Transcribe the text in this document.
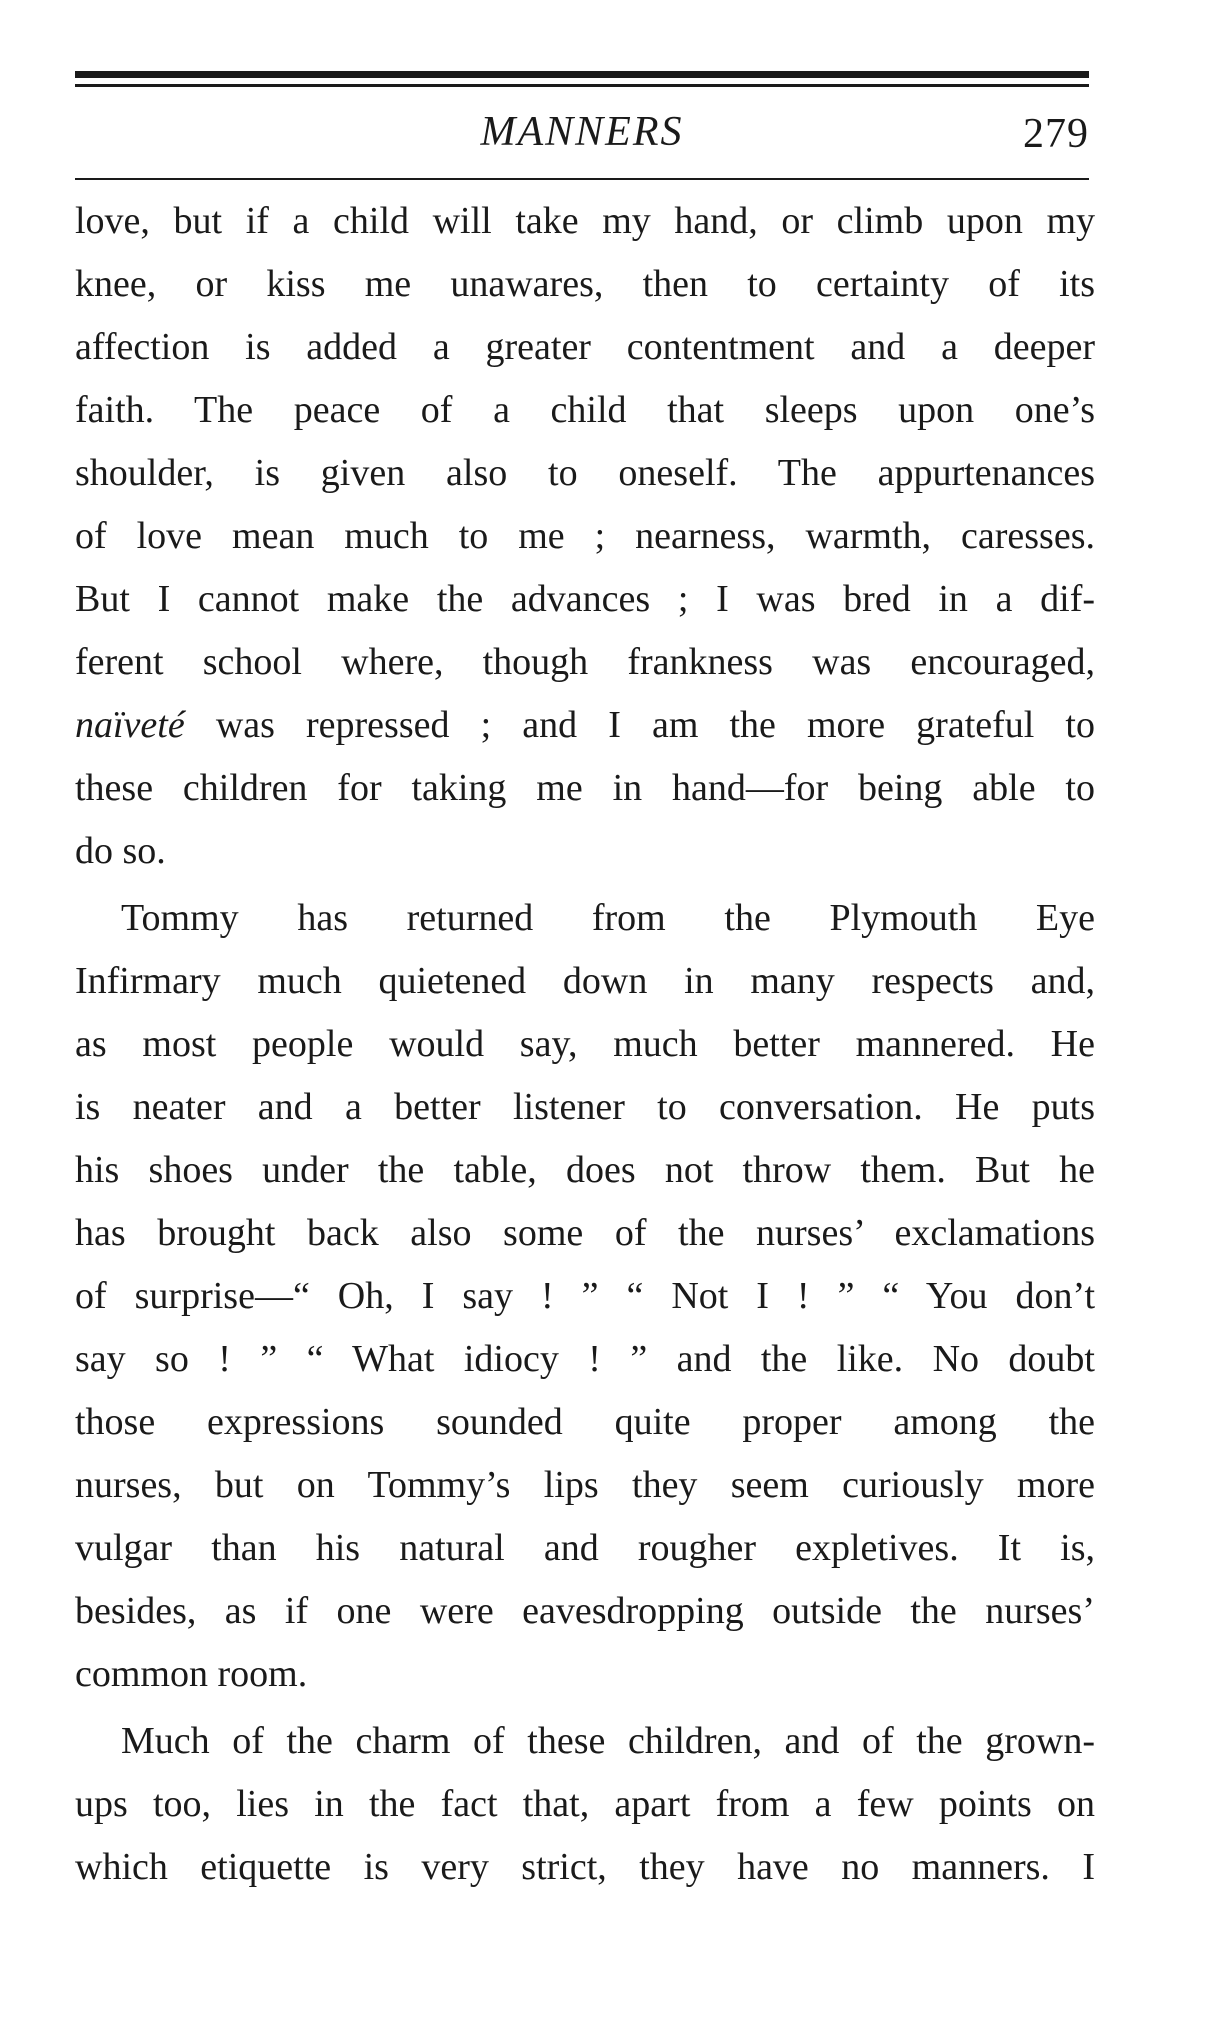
MANNERS	279
love, but if a child will take my hand, or climb upon my
knee, or kiss me unawares, then to certainty of its
affection is added a greater contentment and a deeper
faith. The peace of a child that sleeps upon one’s
shoulder, is given also to oneself. The appurtenances
of love mean much to me ; nearness, warmth, caresses.
But I cannot make the advances ; I was bred in a dif-
ferent school where, though frankness was encouraged,
naïveté was repressed ; and I am the more grateful to
these children for taking me in hand—for being able to
do so.
Tommy has returned from the Plymouth Eye
Infirmary much quietened down in many respects and,
as most people would say, much better mannered. He
is neater and a better listener to conversation. He puts
his shoes under the table, does not throw them. But he
has brought back also some of the nurses’ exclamations
of surprise—“ Oh, I say ! ” “ Not I ! ” “ You don’t
say so ! ” “ What idiocy ! ” and the like. No doubt
those expressions sounded quite proper among the
nurses, but on Tommy’s lips they seem curiously more
vulgar than his natural and rougher expletives. It is,
besides, as if one were eavesdropping outside the nurses’
common room.
Much of the charm of these children, and of the grown-
ups too, lies in the fact that, apart from a few points on
which etiquette is very strict, they have no manners. I
